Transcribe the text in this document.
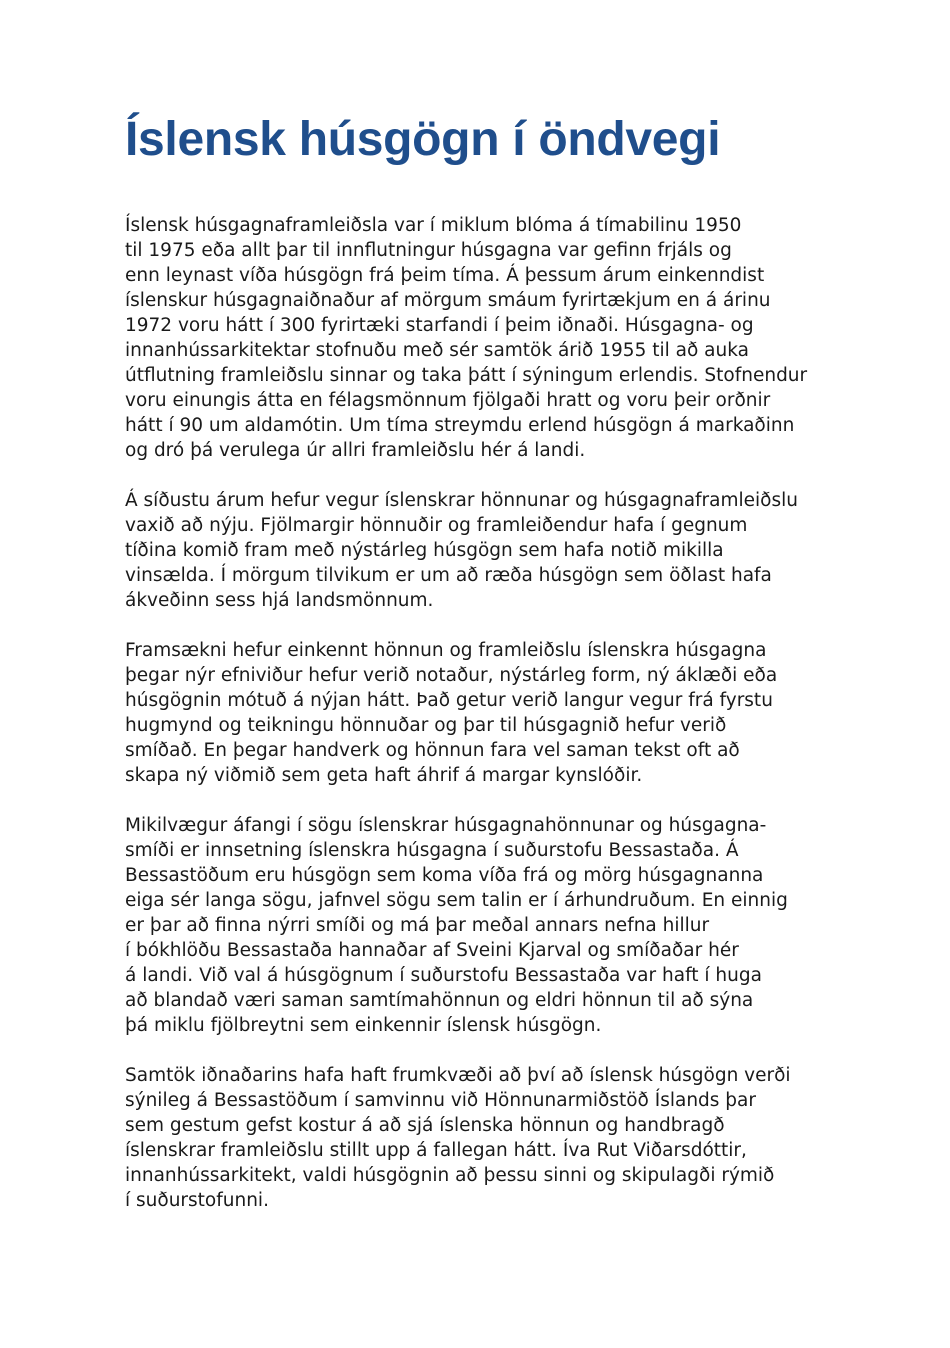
Íslensk húsgögn í öndvegi

Íslensk húsgagnaframleiðsla var í miklum blóma á tímabilinu 1950
til 1975 eða allt þar til innflutningur húsgagna var gefinn frjáls og
enn leynast víða húsgögn frá þeim tíma. Á þessum árum einkenndist
íslenskur húsgagnaiðnaður af mörgum smáum fyrirtækjum en á árinu
1972 voru hátt í 300 fyrirtæki starfandi í þeim iðnaði. Húsgagna- og
innanhússarkitektar stofnuðu með sér samtök árið 1955 til að auka
útflutning framleiðslu sinnar og taka þátt í sýningum erlendis. Stofnendur
voru einungis átta en félagsmönnum fjölgaði hratt og voru þeir orðnir
hátt í 90 um aldamótin. Um tíma streymdu erlend húsgögn á markaðinn
og dró þá verulega úr allri framleiðslu hér á landi.

Á síðustu árum hefur vegur íslenskrar hönnunar og húsgagnaframleiðslu
vaxið að nýju. Fjölmargir hönnuðir og framleiðendur hafa í gegnum
tíðina komið fram með nýstárleg húsgögn sem hafa notið mikilla
vinsælda. Í mörgum tilvikum er um að ræða húsgögn sem öðlast hafa
ákveðinn sess hjá landsmönnum.

Framsækni hefur einkennt hönnun og framleiðslu íslenskra húsgagna
þegar nýr efniviður hefur verið notaður, nýstárleg form, ný áklæði eða
húsgögnin mótuð á nýjan hátt. Það getur verið langur vegur frá fyrstu
hugmynd og teikningu hönnuðar og þar til húsgagnið hefur verið
smíðað. En þegar handverk og hönnun fara vel saman tekst oft að
skapa ný viðmið sem geta haft áhrif á margar kynslóðir.

Mikilvægur áfangi í sögu íslenskrar húsgagnahönnunar og húsgagna-
smíði er innsetning íslenskra húsgagna í suðurstofu Bessastaða. Á
Bessastöðum eru húsgögn sem koma víða frá og mörg húsgagnanna
eiga sér langa sögu, jafnvel sögu sem talin er í árhundruðum. En einnig
er þar að finna nýrri smíði og má þar meðal annars nefna hillur
í bókhlöðu Bessastaða hannaðar af Sveini Kjarval og smíðaðar hér
á landi. Við val á húsgögnum í suðurstofu Bessastaða var haft í huga
að blandað væri saman samtímahönnun og eldri hönnun til að sýna
þá miklu fjölbreytni sem einkennir íslensk húsgögn.

Samtök iðnaðarins hafa haft frumkvæði að því að íslensk húsgögn verði
sýnileg á Bessastöðum í samvinnu við Hönnunarmiðstöð Íslands þar
sem gestum gefst kostur á að sjá íslenska hönnun og handbragð
íslenskrar framleiðslu stillt upp á fallegan hátt. Íva Rut Viðarsdóttir,
innanhússarkitekt, valdi húsgögnin að þessu sinni og skipulagði rýmið
í suðurstofunni.
